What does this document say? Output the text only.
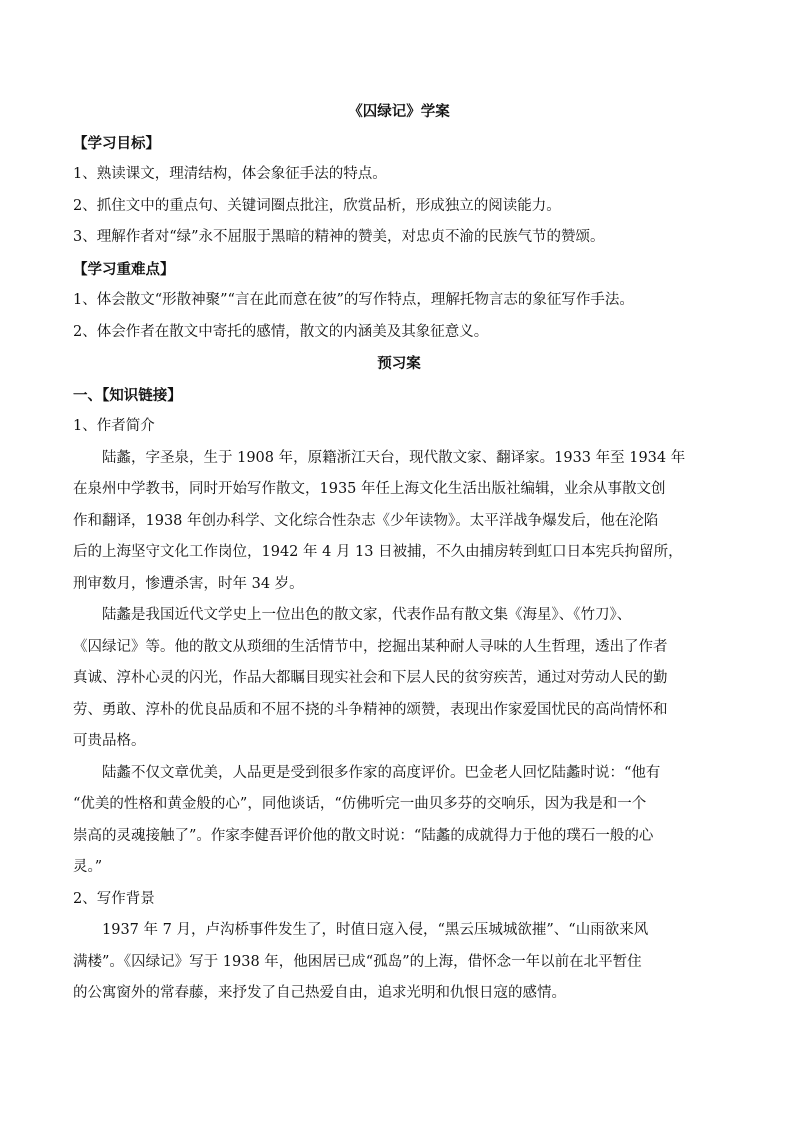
《囚绿记》学案
【学习目标】
1、熟读课文，理清结构，体会象征手法的特点。
2、抓住文中的重点句、关键词圈点批注，欣赏品析，形成独立的阅读能力。
3、理解作者对“绿”永不屈服于黑暗的精神的赞美，对忠贞不渝的民族气节的赞颂。
【学习重难点】
1、体会散文“形散神聚”“言在此而意在彼”的写作特点，理解托物言志的象征写作手法。
2、体会作者在散文中寄托的感情，散文的内涵美及其象征意义。
预习案
一、【知识链接】
1、作者简介
陆蠡，字圣泉，生于 1908 年，原籍浙江天台，现代散文家、翻译家。1933 年至 1934 年
在泉州中学教书，同时开始写作散文，1935 年任上海文化生活出版社编辑，业余从事散文创
作和翻译，1938 年创办科学、文化综合性杂志《少年读物》。太平洋战争爆发后，他在沦陷
后的上海坚守文化工作岗位，1942 年 4 月 13 日被捕，不久由捕房转到虹口日本宪兵拘留所，
刑审数月，惨遭杀害，时年 34 岁。
陆蠡是我国近代文学史上一位出色的散文家，代表作品有散文集《海星》、《竹刀》、
《囚绿记》等。他的散文从琐细的生活情节中，挖掘出某种耐人寻味的人生哲理，透出了作者
真诚、淳朴心灵的闪光，作品大都瞩目现实社会和下层人民的贫穷疾苦，通过对劳动人民的勤
劳、勇敢、淳朴的优良品质和不屈不挠的斗争精神的颂赞，表现出作家爱国忧民的高尚情怀和
可贵品格。
陆蠡不仅文章优美，人品更是受到很多作家的高度评价。巴金老人回忆陆蠡时说：“他有
“优美的性格和黄金般的心”，同他谈话，“仿佛听完一曲贝多芬的交响乐，因为我是和一个
崇高的灵魂接触了”。作家李健吾评价他的散文时说：“陆蠡的成就得力于他的璞石一般的心
灵。”
2、写作背景
1937 年 7 月，卢沟桥事件发生了，时值日寇入侵，“黑云压城城欲摧”、“山雨欲来风
满楼”。《囚绿记》写于 1938 年，他困居已成“孤岛”的上海，借怀念一年以前在北平暂住
的公寓窗外的常春藤，来抒发了自己热爱自由，追求光明和仇恨日寇的感情。
